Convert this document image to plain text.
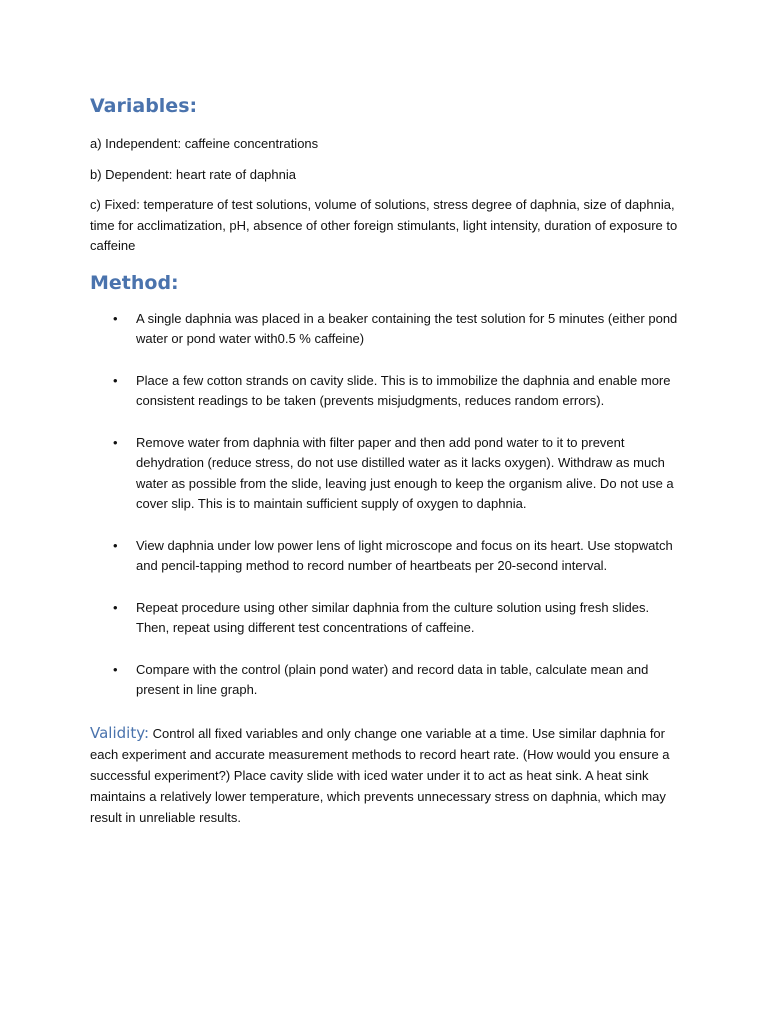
Variables:

a) Independent: caffeine concentrations

b) Dependent: heart rate of daphnia

c) Fixed: temperature of test solutions, volume of solutions, stress degree of daphnia, size of daphnia, time for acclimatization, pH, absence of other foreign stimulants, light intensity, duration of exposure to caffeine

Method:
• A single daphnia was placed in a beaker containing the test solution for 5 minutes (either pond water or pond water with0.5 % caffeine)
• Place a few cotton strands on cavity slide. This is to immobilize the daphnia and enable more consistent readings to be taken (prevents misjudgments, reduces random errors).
• Remove water from daphnia with filter paper and then add pond water to it to prevent dehydration (reduce stress, do not use distilled water as it lacks oxygen). Withdraw as much water as possible from the slide, leaving just enough to keep the organism alive. Do not use a cover slip. This is to maintain sufficient supply of oxygen to daphnia.
• View daphnia under low power lens of light microscope and focus on its heart. Use stopwatch and pencil-tapping method to record number of heartbeats per 20-second interval.
• Repeat procedure using other similar daphnia from the culture solution using fresh slides. Then, repeat using different test concentrations of caffeine.
• Compare with the control (plain pond water) and record data in table, calculate mean and present in line graph.

Validity: Control all fixed variables and only change one variable at a time. Use similar daphnia for each experiment and accurate measurement methods to record heart rate. (How would you ensure a successful experiment?) Place cavity slide with iced water under it to act as heat sink. A heat sink maintains a relatively lower temperature, which prevents unnecessary stress on daphnia, which may result in unreliable results.
